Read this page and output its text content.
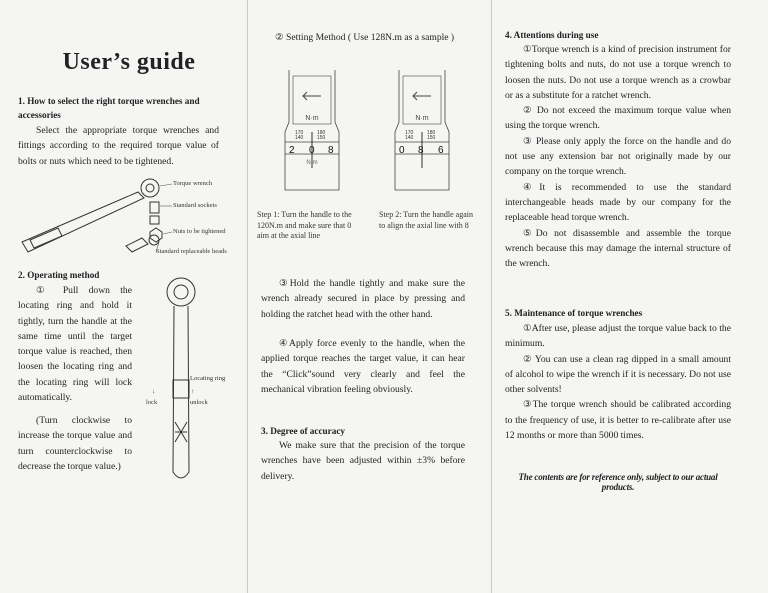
User’s guide
1. How to select the right torque wrenches and accessories

Select the appropriate torque wrenches and fittings according to the required torque value of bolts or nuts which need to be tightened.

Torque wrench
Standard sockets
Nuts to be tightened
Standard replaceable heads
2. Operating method

① Pull down the locating ring and hold it tightly, turn the handle at the same time until the target torque value is reached, then loosen the locating ring and the locating ring will lock automatically.

(Turn clockwise to increase the torque value and turn counterclockwise to decrease the torque value.)

Locating ring
↓	↑
lock	unlock

② Setting Method ( Use 128N.m as a sample )

N·m	N·m
170
140
180
150
170
140
180
150
2 0 8	0 8 6
N·m
Step 1: Turn the handle to the 120N.m and make sure that 0 aim at the axial line
Step 2: Turn the handle again to align the axial line with 8

③Hold the handle tightly and make sure the wrench already secured in place by pressing and holding the ratchet head with the other hand.

④Apply force evenly to the handle, when the applied torque reaches the target value, it can hear the “Click”sound very clearly and feel the mechanical vibration feeling obviously.

3. Degree of accuracy

We make sure that the precision of the torque wrenches have been adjusted within ±3% before delivery.

4. Attentions during use

①Torque wrench is a kind of precision instrument for tightening bolts and nuts, do not use a torque wrench to loosen the nuts. Do not use a torque wrench as a crowbar or as a substitute for a ratchet wrench.

② Do not exceed the maximum torque value when using the torque wrench.

③ Please only apply the force on the handle and do not use any extension bar not originally made by our company on the torque wrench.

④It is recommended to use the standard interchangeable heads made by our company for the replaceable head torque wrench.

⑤Do not disassemble and assemble the torque wrench because this may damage the internal structure of the wrench.

5. Maintenance of torque wrenches

①After use, please adjust the torque value back to the minimum.

② You can use a clean rag dipped in a small amount of alcohol to wipe the wrench if it is necessary. Do not use other solvents!

③The torque wrench should be calibrated according to the frequency of use, it is better to re-calibrate after use 12 months or more than 5000 times.

The contents are for reference only, subject to our actual products.
